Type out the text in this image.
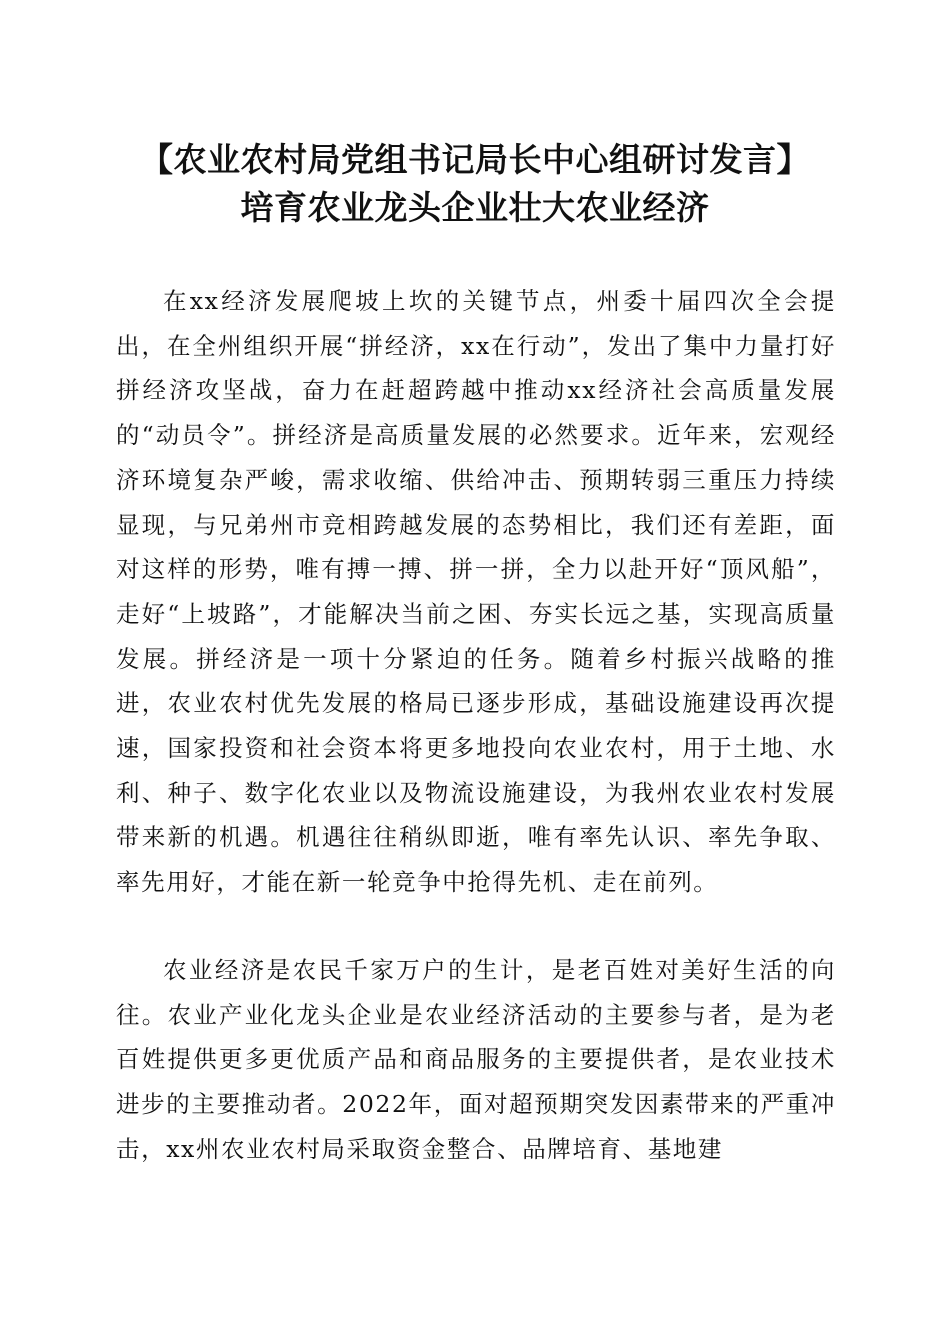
【农业农村局党组书记局长中心组研讨发言】
培育农业龙头企业壮大农业经济

在xx经济发展爬坡上坎的关键节点，州委十届四次全会提出，在全州组织开展“拼经济，xx在行动”，发出了集中力量打好拼经济攻坚战，奋力在赶超跨越中推动xx经济社会高质量发展的“动员令”。拼经济是高质量发展的必然要求。近年来，宏观经济环境复杂严峻，需求收缩、供给冲击、预期转弱三重压力持续显现，与兄弟州市竞相跨越发展的态势相比，我们还有差距，面对这样的形势，唯有搏一搏、拼一拼，全力以赴开好“顶风船”，走好“上坡路”，才能解决当前之困、夯实长远之基，实现高质量发展。拼经济是一项十分紧迫的任务。随着乡村振兴战略的推进，农业农村优先发展的格局已逐步形成，基础设施建设再次提速，国家投资和社会资本将更多地投向农业农村，用于土地、水利、种子、数字化农业以及物流设施建设，为我州农业农村发展带来新的机遇。机遇往往稍纵即逝，唯有率先认识、率先争取、率先用好，才能在新一轮竞争中抢得先机、走在前列。

农业经济是农民千家万户的生计，是老百姓对美好生活的向往。农业产业化龙头企业是农业经济活动的主要参与者，是为老百姓提供更多更优质产品和商品服务的主要提供者，是农业技术进步的主要推动者。2022年，面对超预期突发因素带来的严重冲击，xx州农业农村局采取资金整合、品牌培育、基地建
